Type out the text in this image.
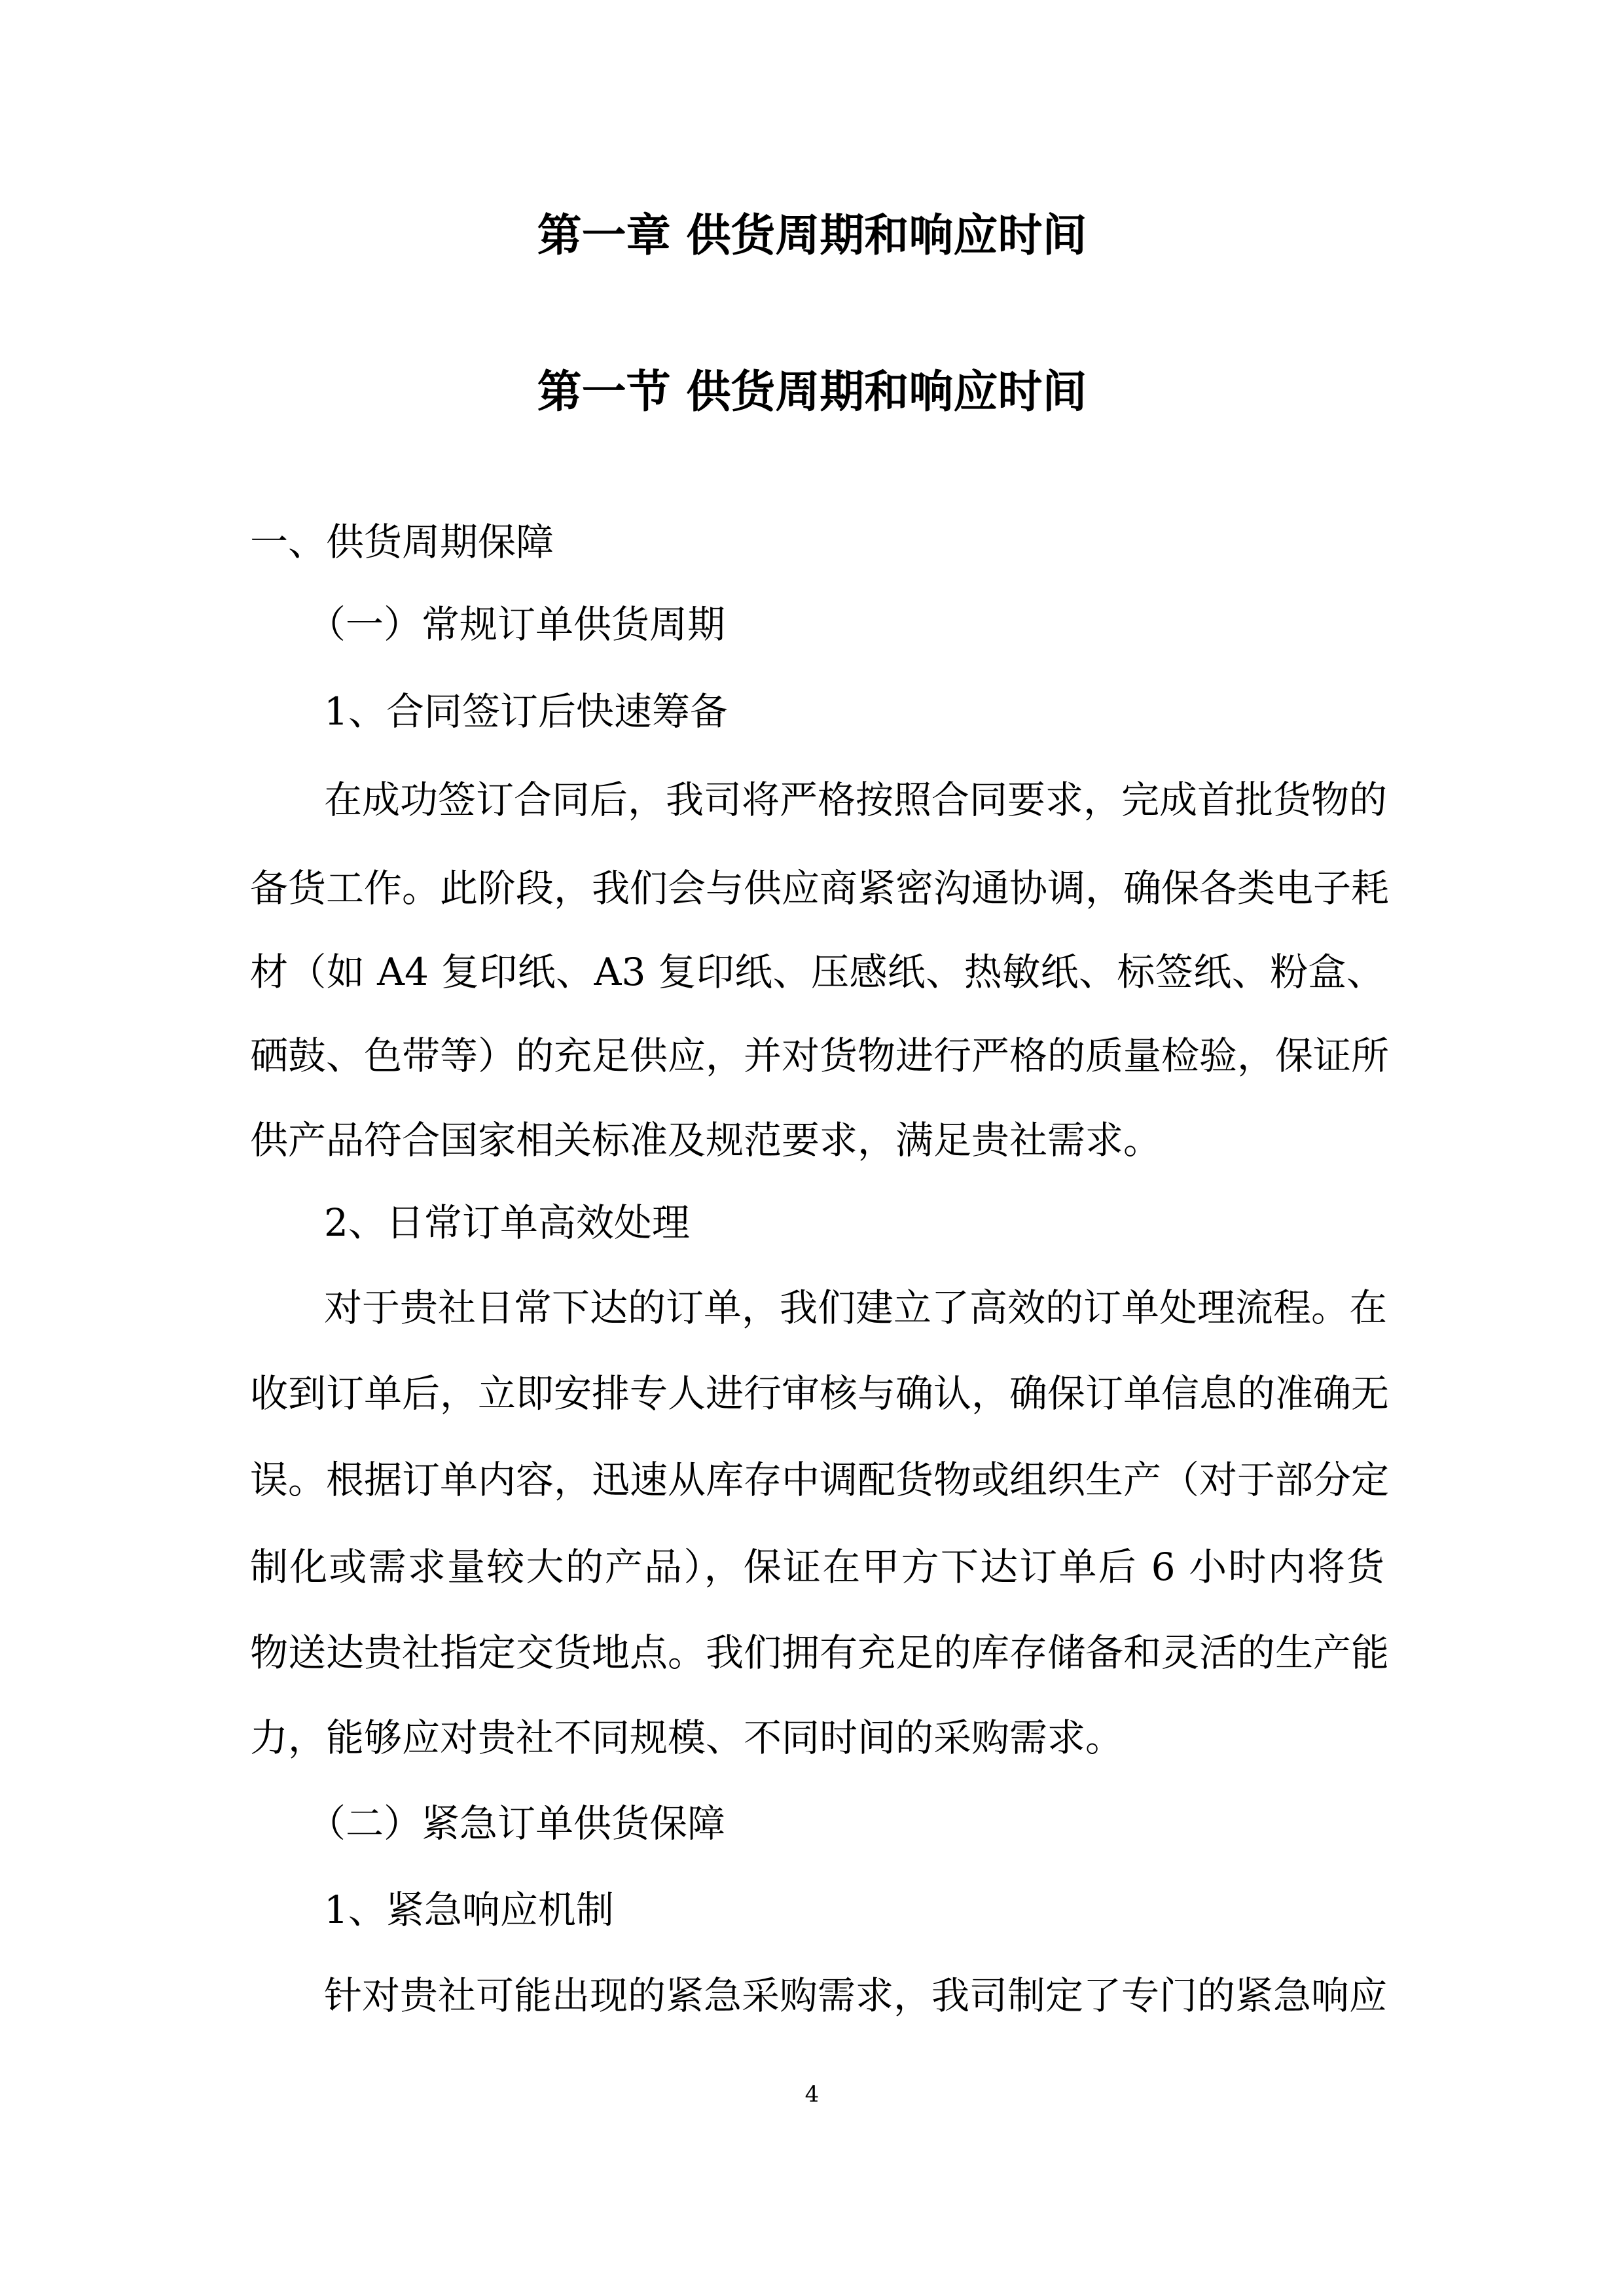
第一章 供货周期和响应时间
第一节 供货周期和响应时间
一、供货周期保障
（一）常规订单供货周期
1、合同签订后快速筹备
在成功签订合同后，我司将严格按照合同要求，完成首批货物的
备货工作。此阶段，我们会与供应商紧密沟通协调，确保各类电子耗
材（如 A4 复印纸、A3 复印纸、压感纸、热敏纸、标签纸、粉盒、
硒鼓、色带等）的充足供应，并对货物进行严格的质量检验，保证所
供产品符合国家相关标准及规范要求，满足贵社需求。
2、日常订单高效处理
对于贵社日常下达的订单，我们建立了高效的订单处理流程。在
收到订单后，立即安排专人进行审核与确认，确保订单信息的准确无
误。根据订单内容，迅速从库存中调配货物或组织生产（对于部分定
制化或需求量较大的产品），保证在甲方下达订单后 6 小时内将货
物送达贵社指定交货地点。我们拥有充足的库存储备和灵活的生产能
力，能够应对贵社不同规模、不同时间的采购需求。
（二）紧急订单供货保障
1、紧急响应机制
针对贵社可能出现的紧急采购需求，我司制定了专门的紧急响应
4
